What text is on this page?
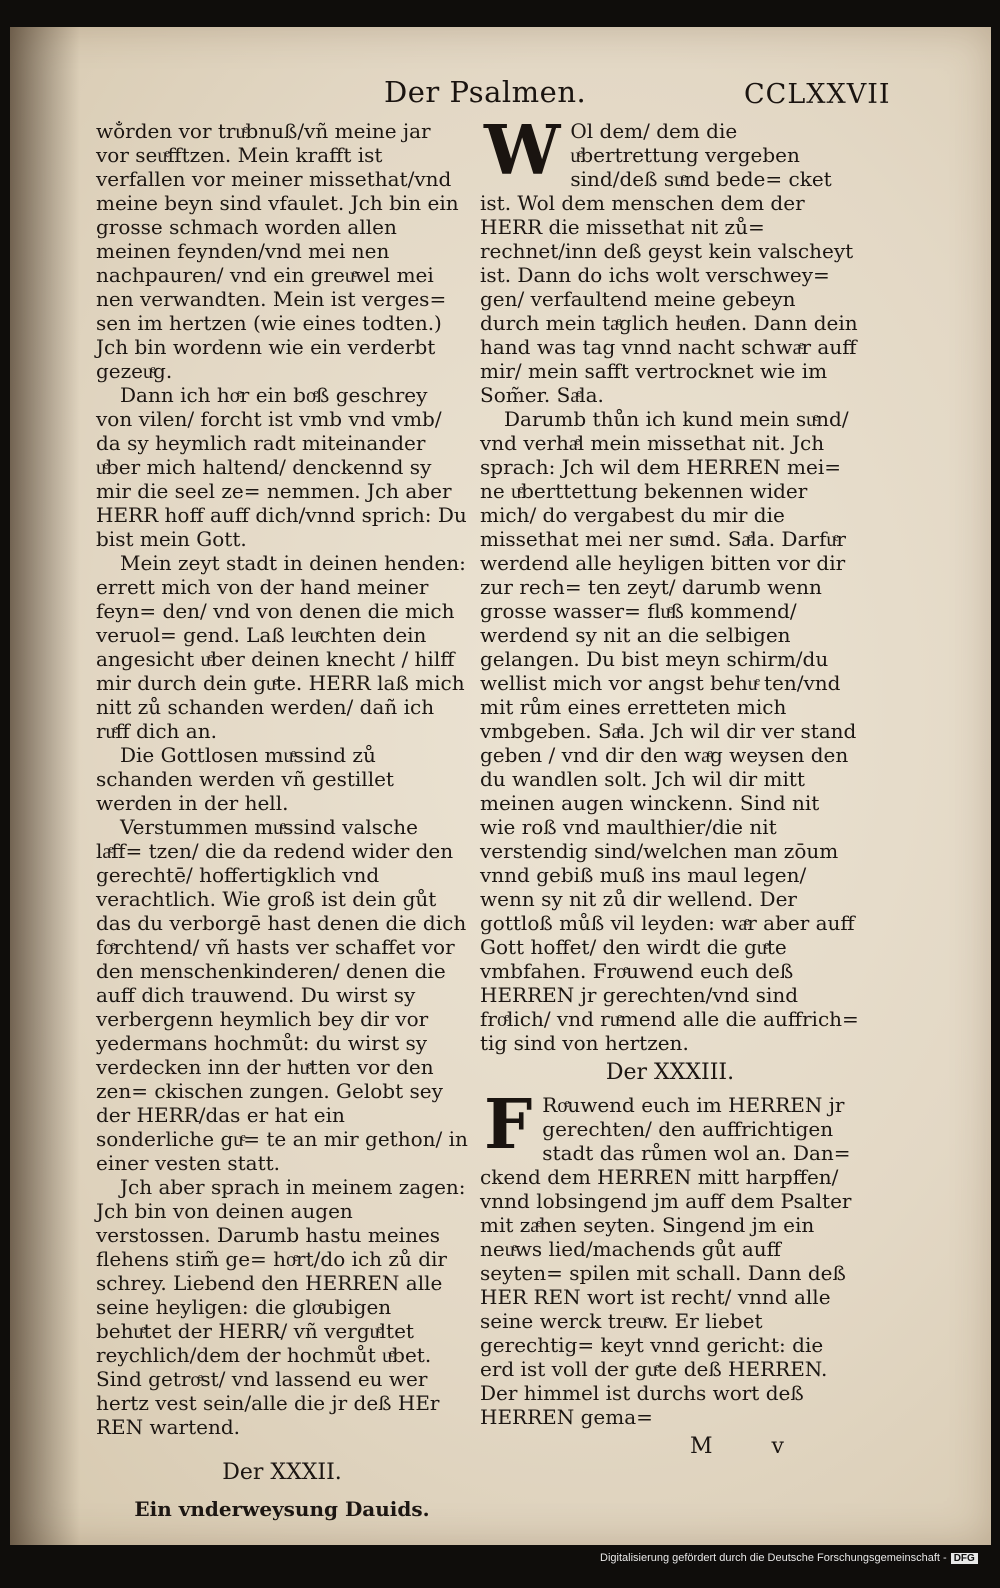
Der Psalmen.	CCLXXVII

wo̐rden vor truͤbnuß/vñ meine jar vor seuͤfftzen. Mein krafft ist verfallen vor meiner missethat/vnd meine beyn sind vfaulet. Jch bin ein grosse schmach worden allen meinen feynden/vnd mei nen nachpauren/ vnd ein greuͤwel mei nen verwandten. Mein ist verges= sen im hertzen (wie eines todten.) Jch bin wordenn wie ein verderbt gezeuͤg.

Dann ich hoͤr ein boͤß geschrey von vilen/ forcht ist vmb vnd vmb/ da sy heymlich radt miteinander uͤber mich haltend/ denckennd sy mir die seel ze= nemmen. Jch aber HERR hoff auff dich/vnnd sprich: Du bist mein Gott.

Mein zeyt stadt in deinen henden: errett mich von der hand meiner feyn= den/ vnd von denen die mich veruol= gend. Laß leuͤchten dein angesicht uͤber deinen knecht / hilff mir durch dein guͤte. HERR laß mich nitt zů schanden werden/ dañ ich ruͤff dich an.

Die Gottlosen muͤssind zů schanden werden vñ gestillet werden in der hell.

Verstummen muͤssind valsche laͤff= tzen/ die da redend wider den gerechtē/ hoffertigklich vnd verachtlich. Wie groß ist dein gůt das du verborgē hast denen die dich foͤrchtend/ vñ hasts ver schaffet vor den menschenkinderen/ denen die auff dich trauwend. Du wirst sy verbergenn heymlich bey dir vor yedermans hochmůt: du wirst sy verdecken inn der huͤtten vor den zen= ckischen zungen. Gelobt sey der HERR/das er hat ein sonderliche guͤ= te an mir gethon/ in einer vesten statt.

Jch aber sprach in meinem zagen: Jch bin von deinen augen verstossen. Darumb hastu meines flehens stim̃ ge= hoͤrt/do ich zů dir schrey. Liebend den HERREN alle seine heyligen: die gloͤubigen behuͤtet der HERR/ vñ verguͤltet reychlich/dem der hochmůt uͤbet. Sind getroͤst/ vnd lassend eu wer hertz vest sein/alle die jr deß HEr REN wartend.

Der XXXII.
Ein vnderweysung Dauids.
W Ol dem/ dem die uͤbertrettung vergeben sind/deß suͤnd bede= cket ist. Wol dem menschen dem der HERR die missethat nit zů= rechnet/inn deß geyst kein valscheyt ist. Dann do ichs wolt verschwey= gen/ verfaultend meine gebeyn durch mein taͤglich heuͤlen. Dann dein hand was tag vnnd nacht schwaͤr auff mir/ mein safft vertrocknet wie im Som̃er. Saͤla.

Darumb thůn ich kund mein suͤnd/ vnd verhaͤl mein missethat nit. Jch sprach: Jch wil dem HERREN mei= ne uͤberttettung bekennen wider mich/ do vergabest du mir die missethat mei ner suͤnd. Saͤla. Darfuͤr werdend alle heyligen bitten vor dir zur rech= ten zeyt/ darumb wenn grosse wasser= fluͤß kommend/ werdend sy nit an die selbigen gelangen. Du bist meyn schirm/du wellist mich vor angst behuͤ ten/vnd mit rům eines erretteten mich vmbgeben. Saͤla. Jch wil dir ver stand geben / vnd dir den waͤg weysen den du wandlen solt. Jch wil dir mitt meinen augen winckenn. Sind nit wie roß vnd maulthier/die nit verstendig sind/welchen man zōum vnnd gebiß muß ins maul legen/ wenn sy nit zů dir wellend. Der gottloß můß vil leyden: waͤr aber auff Gott hoffet/ den wirdt die guͤte vmbfahen. Froͤuwend euch deß HERREN jr gerechten/vnd sind froͤlich/ vnd ruͤmend alle die auffrich= tig sind von hertzen.

Der XXXIII.
F Roͤuwend euch im HERREN jr gerechten/ den auffrichtigen stadt das růmen wol an. Dan= ckend dem HERREN mitt harpffen/ vnnd lobsingend jm auff dem Psalter mit zaͤhen seyten. Singend jm ein neuͤws lied/machends gůt auff seyten= spilen mit schall. Dann deß HER REN wort ist recht/ vnnd alle seine werck treuͤw. Er liebet gerechtig= keyt vnnd gericht: die erd ist voll der guͤte deß HERREN. Der himmel ist durchs wort deß HERREN gema=

M v
Digitalisierung gefördert durch die Deutsche Forschungsgemeinschaft - DFG
